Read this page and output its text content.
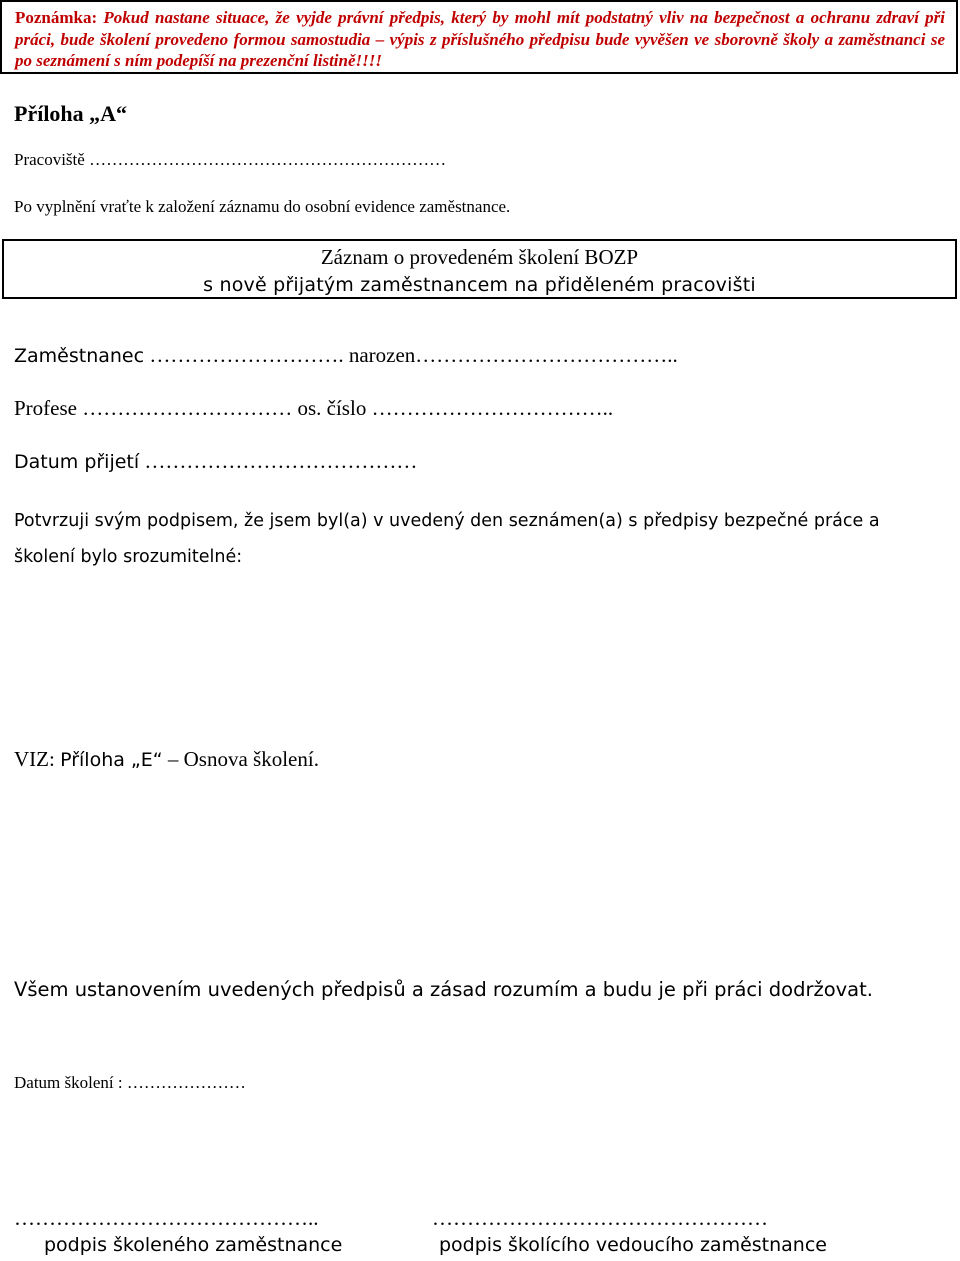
Poznámka: Pokud nastane situace, že vyjde právní předpis, který by mohl mít podstatný vliv na bezpečnost a ochranu zdraví při práci, bude školení provedeno formou samostudia – výpis z příslušného předpisu bude vyvěšen ve sborovně školy a zaměstnanci se po seznámení s ním podepíší na prezenční listině!!!!
Příloha „A“
Pracoviště ………………………………………………………
Po vyplnění vraťte k založení záznamu do osobní evidence zaměstnance.
Záznam o provedeném školení BOZP
s nově přijatým zaměstnancem na přiděleném pracovišti
Zaměstnanec ………………………. narozen………………………………..
Profese ………………………… os. číslo ……………………………..
Datum přijetí …………………………………
Potvrzuji svým podpisem, že jsem byl(a) v uvedený den seznámen(a) s předpisy bezpečné práce a školení bylo srozumitelné:
VIZ: Příloha „E“ – Osnova školení.
Všem ustanovením uvedených předpisů a zásad rozumím a budu je při práci dodržovat.
Datum školení : …………………
……………………………………..	…………………………………………
podpis školeného zaměstnance	podpis školícího vedoucího zaměstnance
